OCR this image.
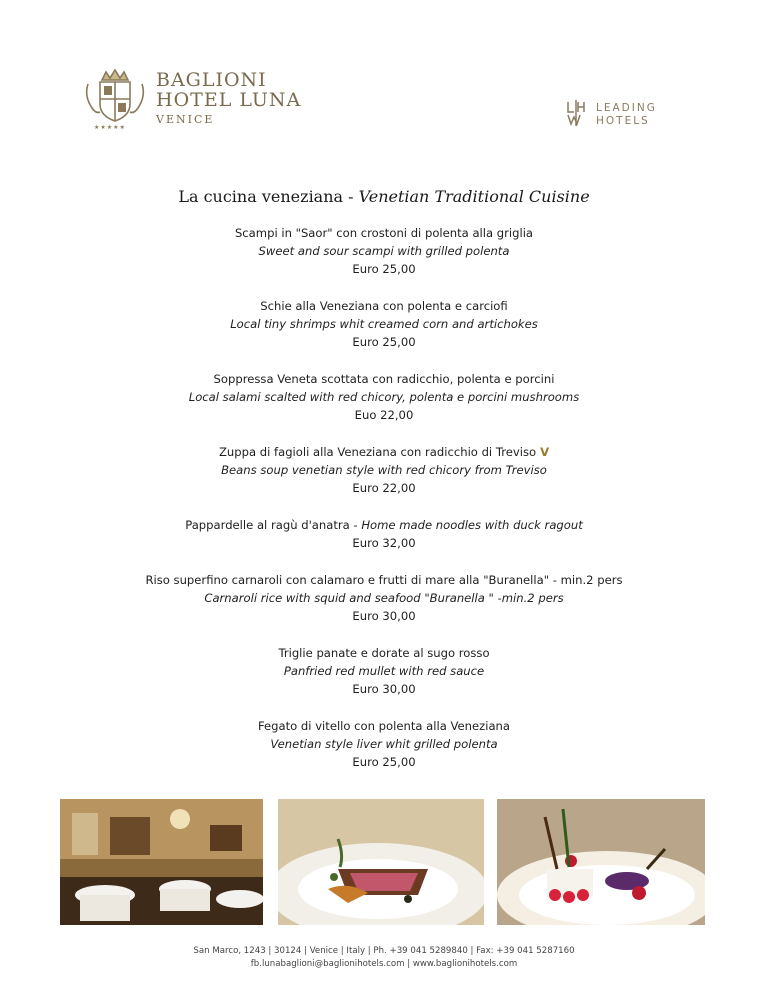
BAGLIONI
HOTEL LUNA
VENICE
★★★★★
LEADING
HOTELS
La cucina veneziana - Venetian Traditional Cuisine
Scampi in "Saor" con crostoni di polenta alla griglia
Sweet and sour scampi with grilled polenta
Euro 25,00
Schie alla Veneziana con polenta e carciofi
Local tiny shrimps whit creamed corn and artichokes
Euro 25,00
Soppressa Veneta scottata con radicchio, polenta e porcini
Local salami scalted with red chicory, polenta e porcini mushrooms
Euo 22,00
Zuppa di fagioli alla Veneziana con radicchio di Treviso V
Beans soup venetian style with red chicory from Treviso
Euro 22,00
Pappardelle al ragù d'anatra - Home made noodles with duck ragout
Euro 32,00
Riso superfino carnaroli con calamaro e frutti di mare alla "Buranella" - min.2 pers
Carnaroli rice with squid and seafood "Buranella " -min.2 pers
Euro 30,00
Triglie panate e dorate al sugo rosso
Panfried red mullet with red sauce
Euro 30,00
Fegato di vitello con polenta alla Veneziana
Venetian style liver whit grilled polenta
Euro 25,00
San Marco, 1243 | 30124 | Venice | Italy | Ph. +39 041 5289840 | Fax: +39 041 5287160
fb.lunabaglioni@baglionihotels.com | www.baglionihotels.com
